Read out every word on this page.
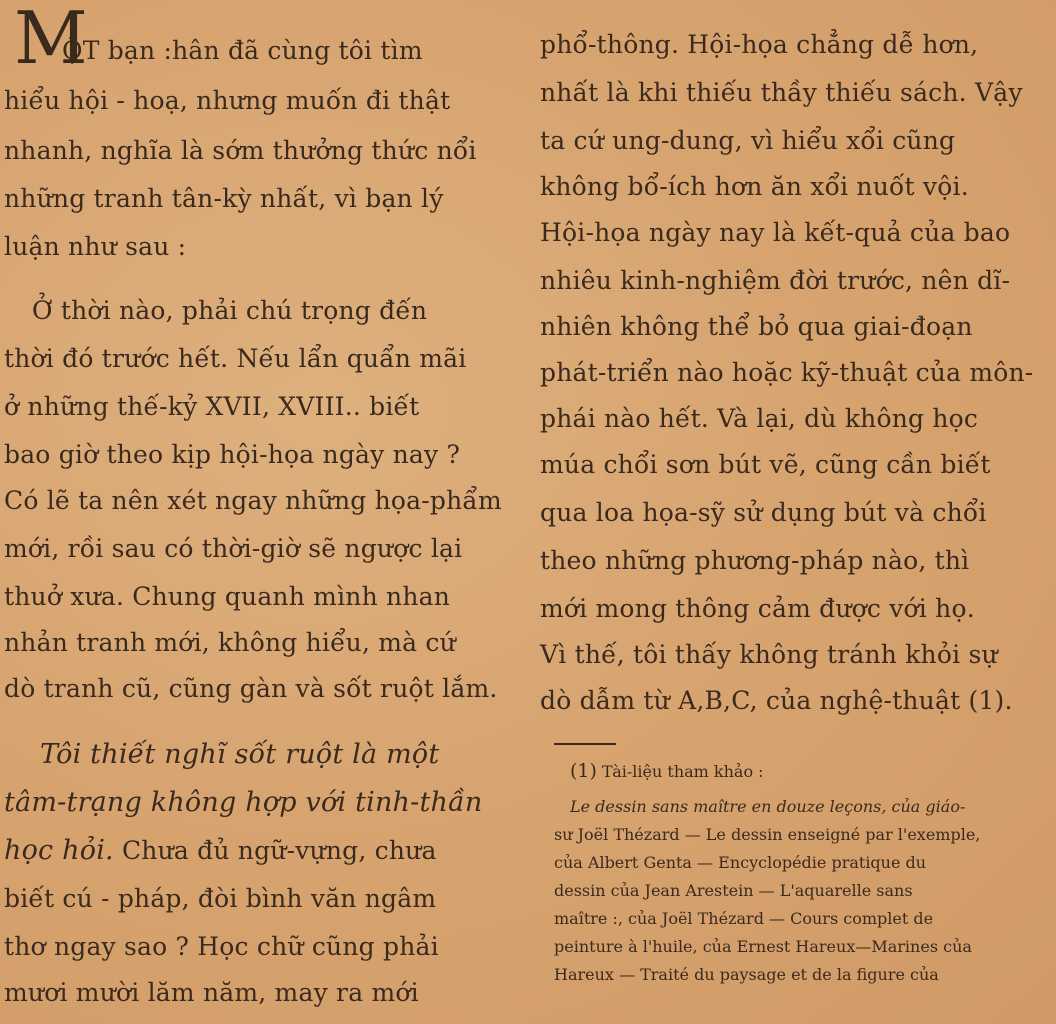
M
ỘT bạn :hân đã cùng tôi tìm
hiểu hội - hoạ, nhưng muốn đi thật
nhanh, nghĩa là sớm thưởng thức nổi
những tranh tân-kỳ nhất, vì bạn lý
luận như sau :
Ở thời nào, phải chú trọng đến
thời đó trước hết. Nếu lẩn quẩn mãi
ở những thế-kỷ XVII, XVIII.. biết
bao giờ theo kịp hội-họa ngày nay ?
Có lẽ ta nên xét ngay những họa-phẩm
mới, rồi sau có thời-giờ sẽ ngược lại
thuở xưa. Chung quanh mình nhan
nhản tranh mới, không hiểu, mà cứ
dò tranh cũ, cũng gàn và sốt ruột lắm.
Tôi thiết nghĩ sốt ruột là một
tâm-trạng không hợp với tinh-thần
học hỏi. Chưa đủ ngữ-vựng, chưa
biết cú - pháp, đòi bình văn ngâm
thơ ngay sao ? Học chữ cũng phải
mươi mười lăm năm, may ra mới
phổ-thông. Hội-họa chẳng dễ hơn,
nhất là khi thiếu thầy thiếu sách. Vậy
ta cứ ung-dung, vì hiểu xổi cũng
không bổ-ích hơn ăn xổi nuốt vội.
Hội-họa ngày nay là kết-quả của bao
nhiêu kinh-nghiệm đời trước, nên dĩ-
nhiên không thể bỏ qua giai-đoạn
phát-triển nào hoặc kỹ-thuật của môn-
phái nào hết. Và lại, dù không học
múa chổi sơn bút vẽ, cũng cần biết
qua loa họa-sỹ sử dụng bút và chổi
theo những phương-pháp nào, thì
mới mong thông cảm được với họ.
Vì thế, tôi thấy không tránh khỏi sự
dò dẫm từ A,B,C, của nghệ-thuật (1).
(1) Tài-liệu tham khảo :
Le dessin sans maître en douze leçons, của giáo-
sư Joël Thézard — Le dessin enseigné par l'exemple,
của Albert Genta — Encyclopédie pratique du
dessin của Jean Arestein — L'aquarelle sans
maître :, của Joël Thézard — Cours complet de
peinture à l'huile, của Ernest Hareux—Marines của
Hareux — Traité du paysage et de la figure của
